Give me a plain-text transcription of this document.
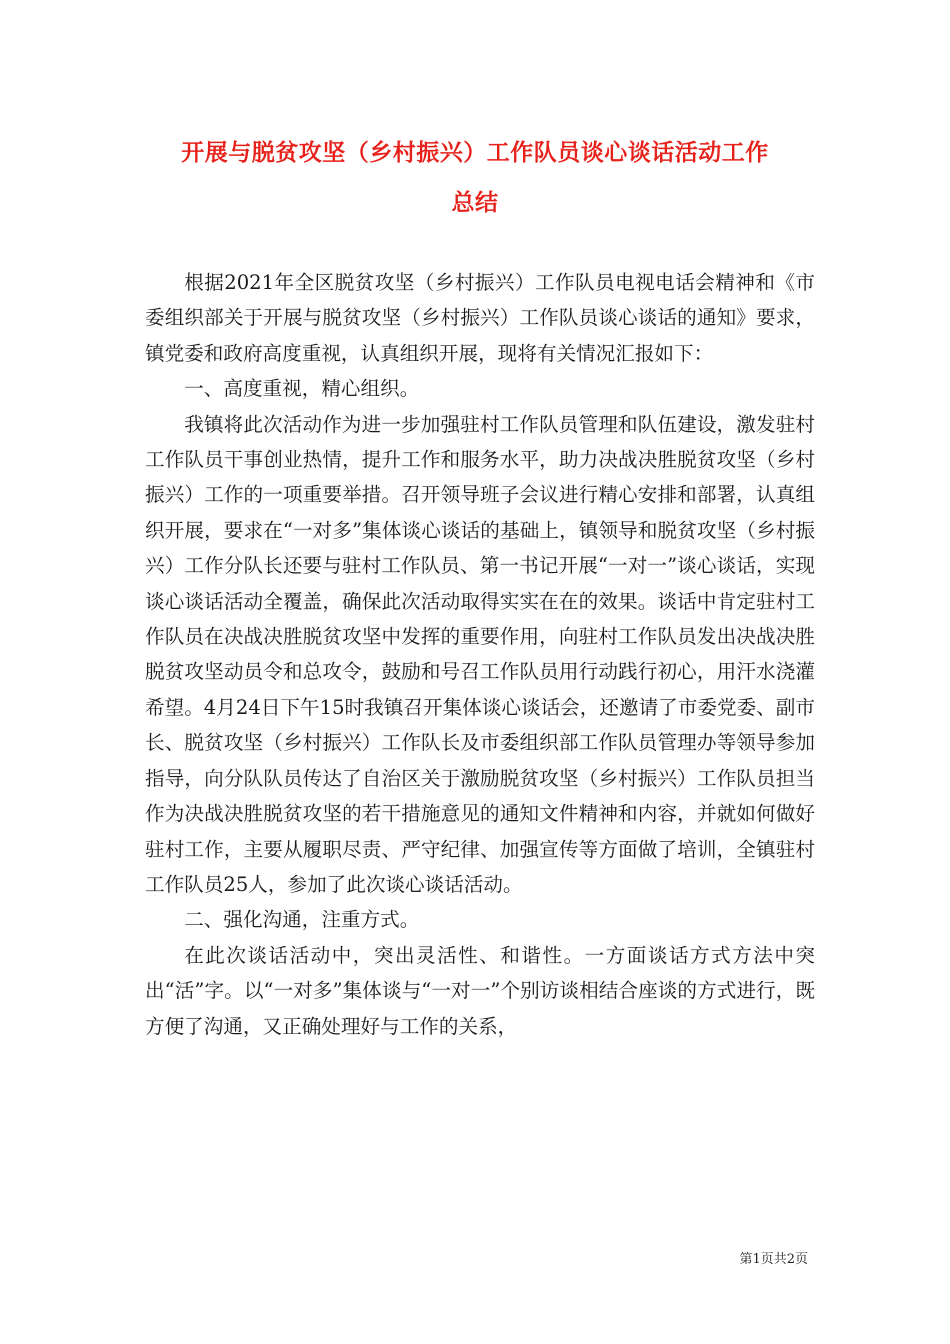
开展与脱贫攻坚（乡村振兴）工作队员谈心谈话活动工作
总结

根据2021年全区脱贫攻坚（乡村振兴）工作队员电视电话会精神和《市委组织部关于开展与脱贫攻坚（乡村振兴）工作队员谈心谈话的通知》要求，镇党委和政府高度重视，认真组织开展，现将有关情况汇报如下：

一、高度重视，精心组织。

我镇将此次活动作为进一步加强驻村工作队员管理和队伍建设，激发驻村工作队员干事创业热情，提升工作和服务水平，助力决战决胜脱贫攻坚（乡村振兴）工作的一项重要举措。召开领导班子会议进行精心安排和部署，认真组织开展，要求在“一对多”集体谈心谈话的基础上，镇领导和脱贫攻坚（乡村振兴）工作分队长还要与驻村工作队员、第一书记开展“一对一”谈心谈话，实现谈心谈话活动全覆盖，确保此次活动取得实实在在的效果。谈话中肯定驻村工作队员在决战决胜脱贫攻坚中发挥的重要作用，向驻村工作队员发出决战决胜脱贫攻坚动员令和总攻令，鼓励和号召工作队员用行动践行初心，用汗水浇灌希望。4月24日下午15时我镇召开集体谈心谈话会，还邀请了市委党委、副市长、脱贫攻坚（乡村振兴）工作队长及市委组织部工作队员管理办等领导参加指导，向分队队员传达了自治区关于激励脱贫攻坚（乡村振兴）工作队员担当作为决战决胜脱贫攻坚的若干措施意见的通知文件精神和内容，并就如何做好驻村工作，主要从履职尽责、严守纪律、加强宣传等方面做了培训，全镇驻村工作队员25人，参加了此次谈心谈话活动。

二、强化沟通，注重方式。

在此次谈话活动中，突出灵活性、和谐性。一方面谈话方式方法中突出“活”字。以“一对多”集体谈与“一对一”个别访谈相结合座谈的方式进行，既方便了沟通，又正确处理好与工作的关系，

第1页共2页
